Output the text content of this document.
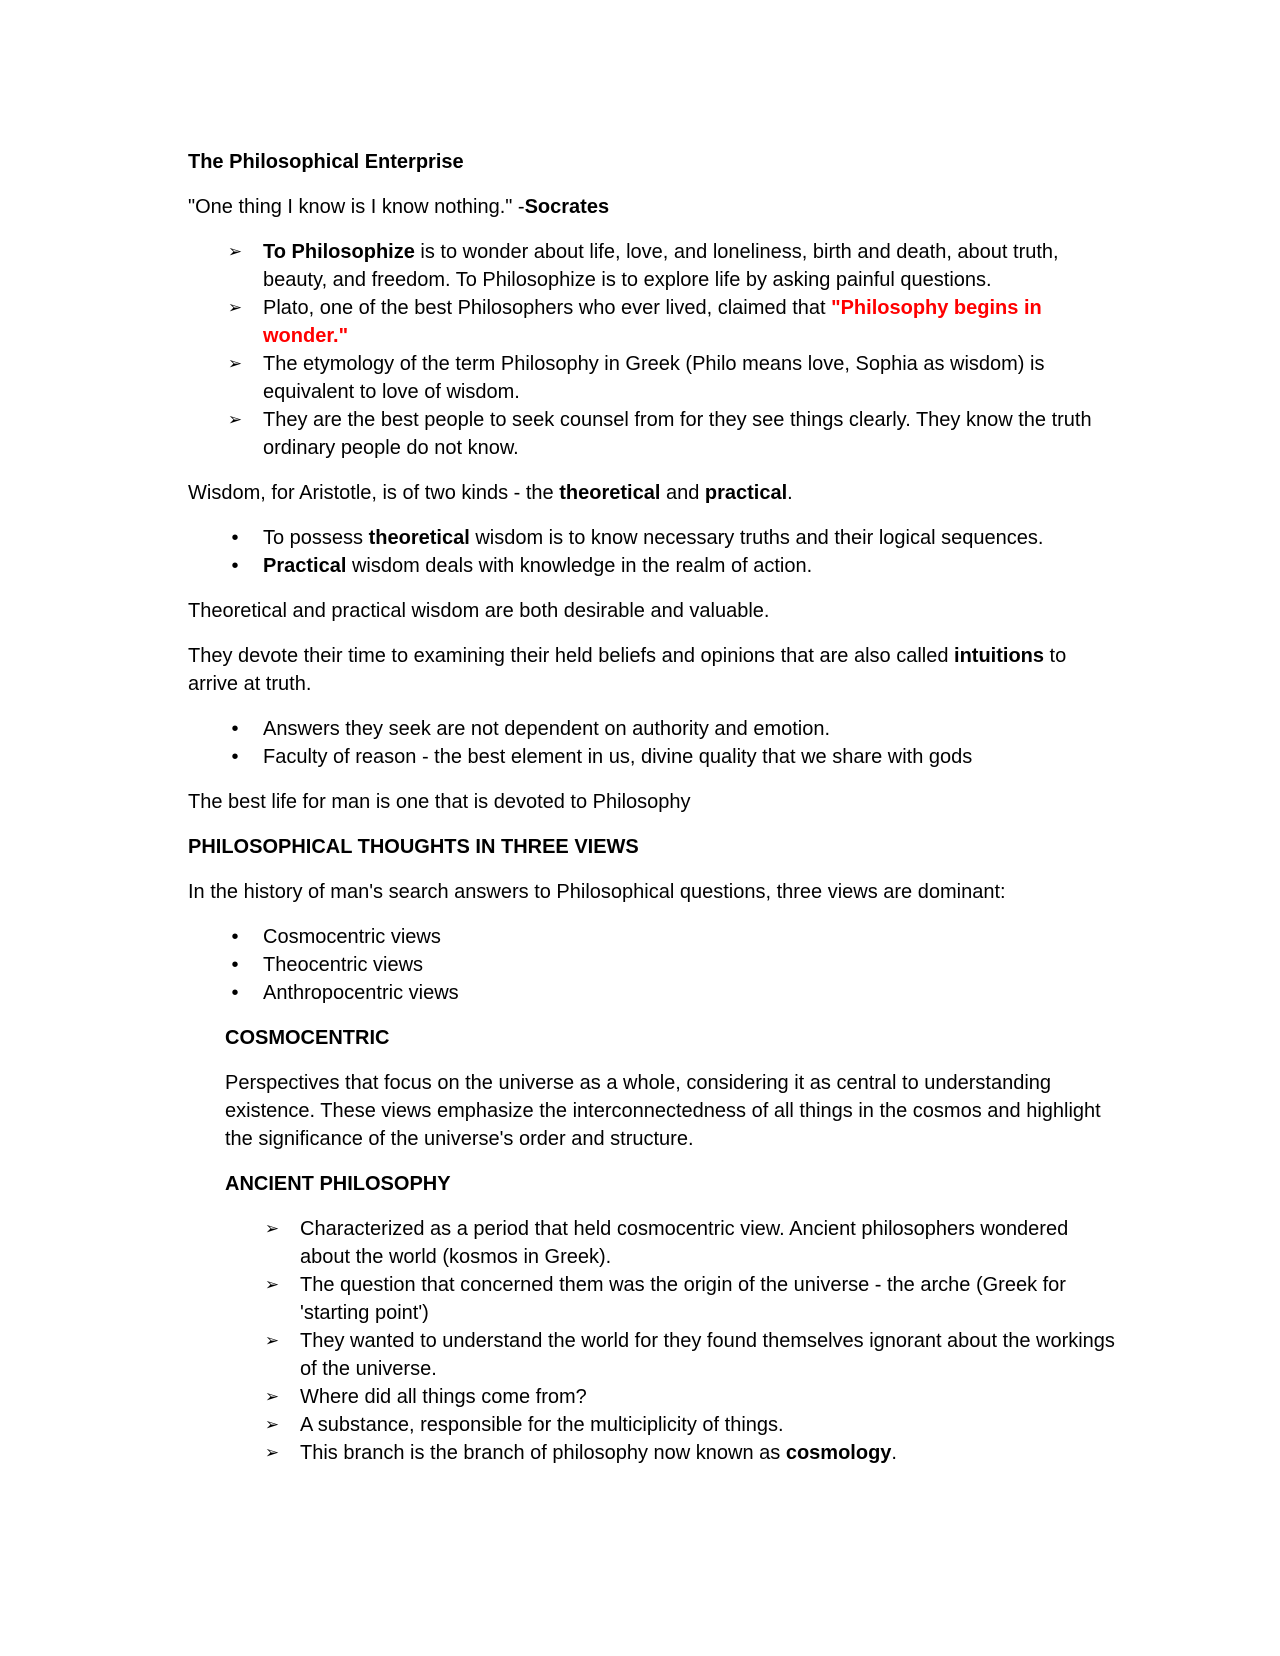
The Philosophical Enterprise

"One thing I know is I know nothing." -Socrates

➢ To Philosophize is to wonder about life, love, and loneliness, birth and death, about truth, beauty, and freedom. To Philosophize is to explore life by asking painful questions.
➢ Plato, one of the best Philosophers who ever lived, claimed that "Philosophy begins in wonder."
➢ The etymology of the term Philosophy in Greek (Philo means love, Sophia as wisdom) is equivalent to love of wisdom.
➢ They are the best people to seek counsel from for they see things clearly. They know the truth ordinary people do not know.

Wisdom, for Aristotle, is of two kinds - the theoretical and practical.

•	To possess theoretical wisdom is to know necessary truths and their logical sequences.
•	Practical wisdom deals with knowledge in the realm of action.

Theoretical and practical wisdom are both desirable and valuable.

They devote their time to examining their held beliefs and opinions that are also called intuitions to arrive at truth.

•	Answers they seek are not dependent on authority and emotion.
•	Faculty of reason - the best element in us, divine quality that we share with gods

The best life for man is one that is devoted to Philosophy

PHILOSOPHICAL THOUGHTS IN THREE VIEWS

In the history of man's search answers to Philosophical questions, three views are dominant:

•	Cosmocentric views
•	Theocentric views
•	Anthropocentric views

COSMOCENTRIC

Perspectives that focus on the universe as a whole, considering it as central to understanding existence. These views emphasize the interconnectedness of all things in the cosmos and highlight the significance of the universe's order and structure.

ANCIENT PHILOSOPHY

➢ Characterized as a period that held cosmocentric view. Ancient philosophers wondered about the world (kosmos in Greek).
➢ The question that concerned them was the origin of the universe - the arche (Greek for 'starting point')
➢ They wanted to understand the world for they found themselves ignorant about the workings of the universe.
➢ Where did all things come from?
➢ A substance, responsible for the multiciplicity of things.
➢ This branch is the branch of philosophy now known as cosmology.
